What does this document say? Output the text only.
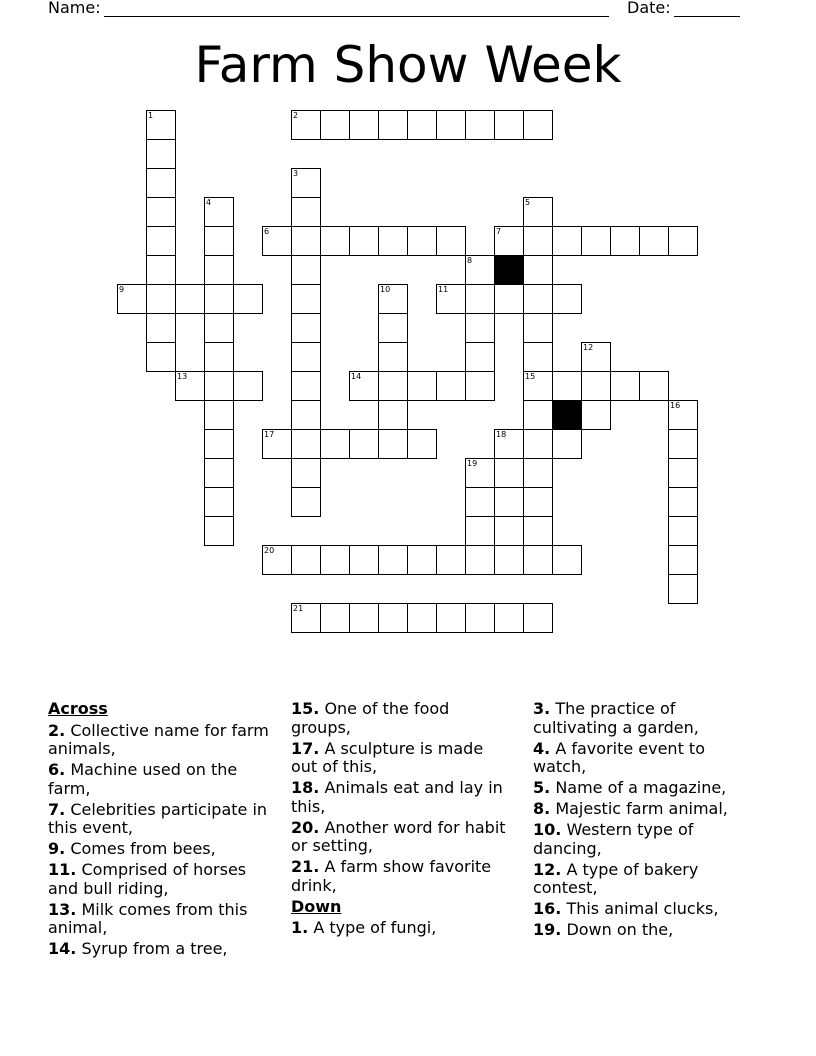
Name:	Date:
Farm Show Week
1	2
3
4	5
6	7
8
9	10	11
12
13	14	15
16
17	18
19
20
21
Across
2. Collective name for farm animals,
6. Machine used on the farm,
7. Celebrities participate in this event,
9. Comes from bees,
11. Comprised of horses and bull riding,
13. Milk comes from this animal,
14. Syrup from a tree,
15. One of the food groups,
17. A sculpture is made out of this,
18. Animals eat and lay in this,
20. Another word for habit or setting,
21. A farm show favorite drink,
Down
1. A type of fungi,
3. The practice of cultivating a garden,
4. A favorite event to watch,
5. Name of a magazine,
8. Majestic farm animal,
10. Western type of dancing,
12. A type of bakery contest,
16. This animal clucks,
19. Down on the,
